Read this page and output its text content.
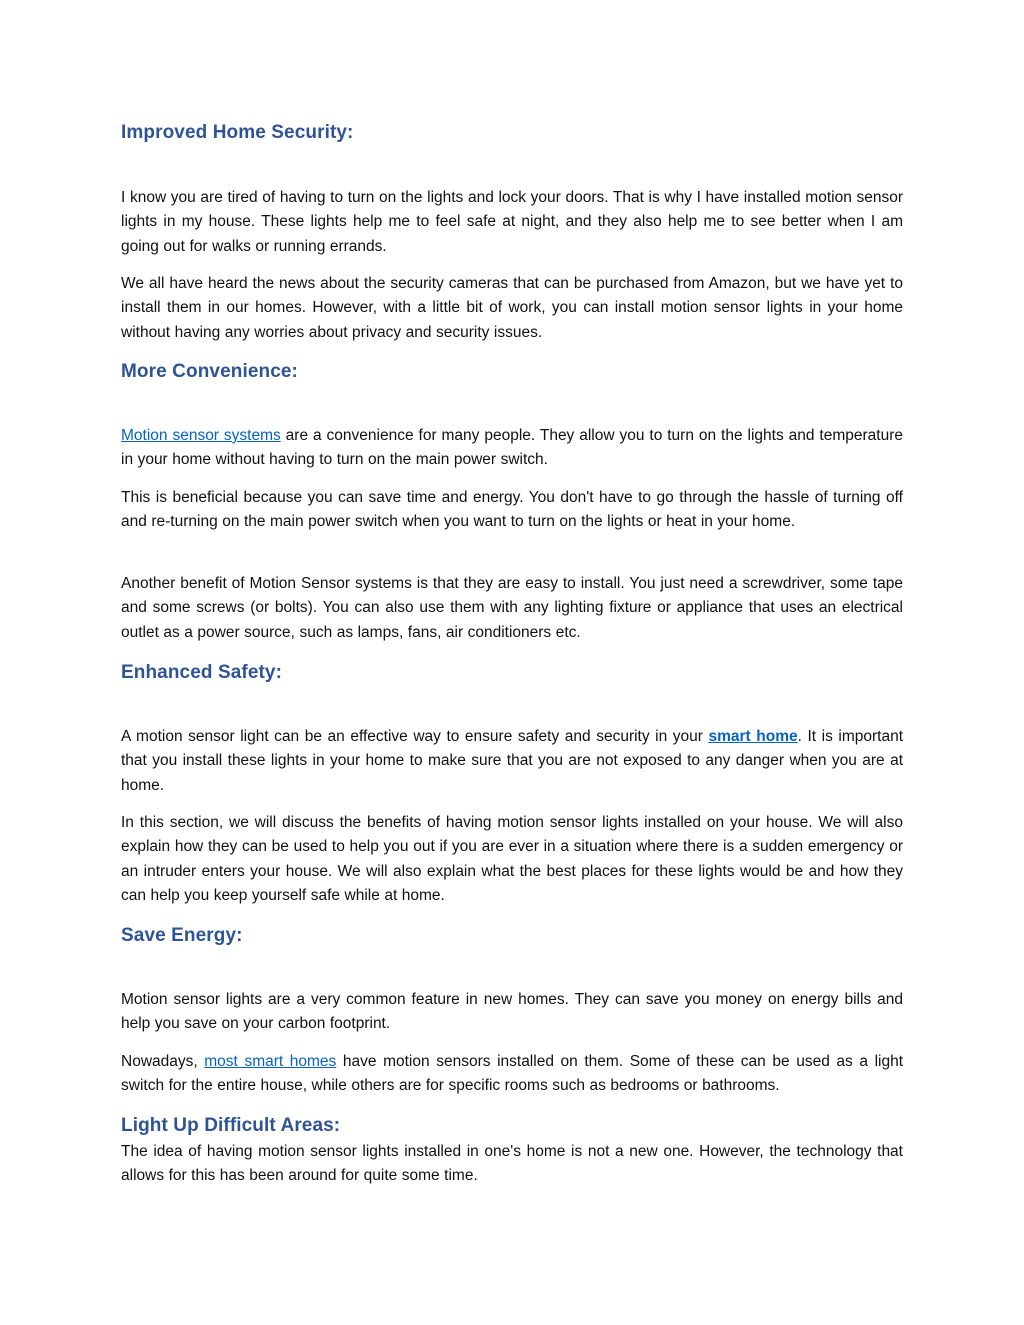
Improved Home Security:

I know you are tired of having to turn on the lights and lock your doors. That is why I have installed motion sensor lights in my house. These lights help me to feel safe at night, and they also help me to see better when I am going out for walks or running errands.

We all have heard the news about the security cameras that can be purchased from Amazon, but we have yet to install them in our homes. However, with a little bit of work, you can install motion sensor lights in your home without having any worries about privacy and security issues.

More Convenience:

Motion sensor systems are a convenience for many people. They allow you to turn on the lights and temperature in your home without having to turn on the main power switch.

This is beneficial because you can save time and energy. You don't have to go through the hassle of turning off and re-turning on the main power switch when you want to turn on the lights or heat in your home.

Another benefit of Motion Sensor systems is that they are easy to install. You just need a screwdriver, some tape and some screws (or bolts). You can also use them with any lighting fixture or appliance that uses an electrical outlet as a power source, such as lamps, fans, air conditioners etc.

Enhanced Safety:

A motion sensor light can be an effective way to ensure safety and security in your smart home. It is important that you install these lights in your home to make sure that you are not exposed to any danger when you are at home.

In this section, we will discuss the benefits of having motion sensor lights installed on your house. We will also explain how they can be used to help you out if you are ever in a situation where there is a sudden emergency or an intruder enters your house. We will also explain what the best places for these lights would be and how they can help you keep yourself safe while at home.

Save Energy:

Motion sensor lights are a very common feature in new homes. They can save you money on energy bills and help you save on your carbon footprint.

Nowadays, most smart homes have motion sensors installed on them. Some of these can be used as a light switch for the entire house, while others are for specific rooms such as bedrooms or bathrooms.

Light Up Difficult Areas:

The idea of having motion sensor lights installed in one's home is not a new one. However, the technology that allows for this has been around for quite some time.
